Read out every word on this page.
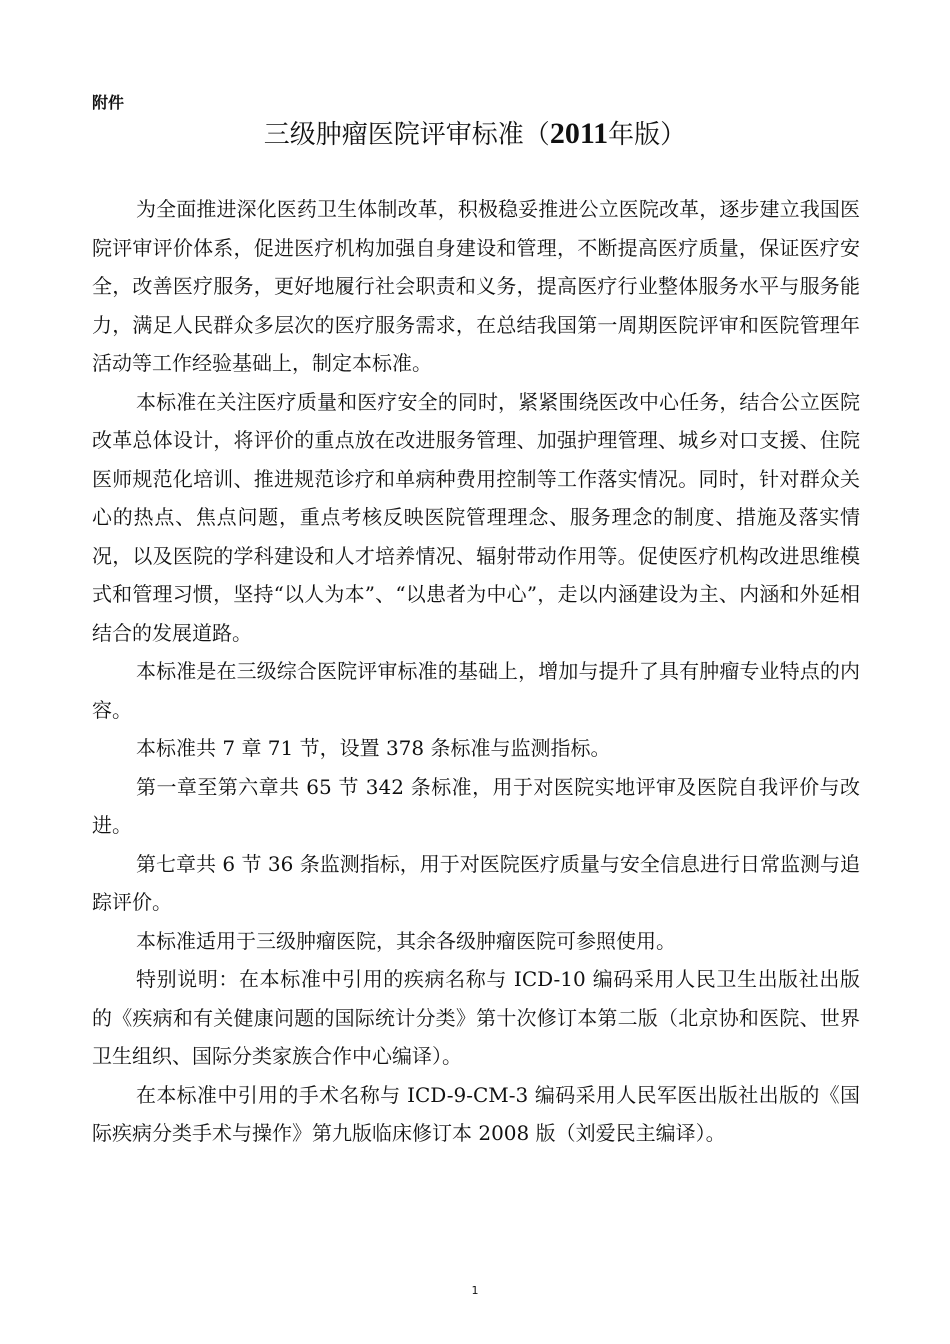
附件
三级肿瘤医院评审标准（2011年版）

为全面推进深化医药卫生体制改革，积极稳妥推进公立医院改革，逐步建立我国医院评审评价体系，促进医疗机构加强自身建设和管理，不断提高医疗质量，保证医疗安全，改善医疗服务，更好地履行社会职责和义务，提高医疗行业整体服务水平与服务能力，满足人民群众多层次的医疗服务需求，在总结我国第一周期医院评审和医院管理年活动等工作经验基础上，制定本标准。

本标准在关注医疗质量和医疗安全的同时，紧紧围绕医改中心任务，结合公立医院改革总体设计，将评价的重点放在改进服务管理、加强护理管理、城乡对口支援、住院医师规范化培训、推进规范诊疗和单病种费用控制等工作落实情况。同时，针对群众关心的热点、焦点问题，重点考核反映医院管理理念、服务理念的制度、措施及落实情况，以及医院的学科建设和人才培养情况、辐射带动作用等。促使医疗机构改进思维模式和管理习惯，坚持“以人为本”、“以患者为中心”，走以内涵建设为主、内涵和外延相结合的发展道路。

本标准是在三级综合医院评审标准的基础上，增加与提升了具有肿瘤专业特点的内容。

本标准共 7 章 71 节，设置 378 条标准与监测指标。

第一章至第六章共 65 节 342 条标准，用于对医院实地评审及医院自我评价与改进。

第七章共 6 节 36 条监测指标，用于对医院医疗质量与安全信息进行日常监测与追踪评价。

本标准适用于三级肿瘤医院，其余各级肿瘤医院可参照使用。

特别说明：在本标准中引用的疾病名称与 ICD-10 编码采用人民卫生出版社出版的《疾病和有关健康问题的国际统计分类》第十次修订本第二版（北京协和医院、世界卫生组织、国际分类家族合作中心编译）。

在本标准中引用的手术名称与 ICD-9-CM-3 编码采用人民军医出版社出版的《国际疾病分类手术与操作》第九版临床修订本 2008 版（刘爱民主编译）。

1
